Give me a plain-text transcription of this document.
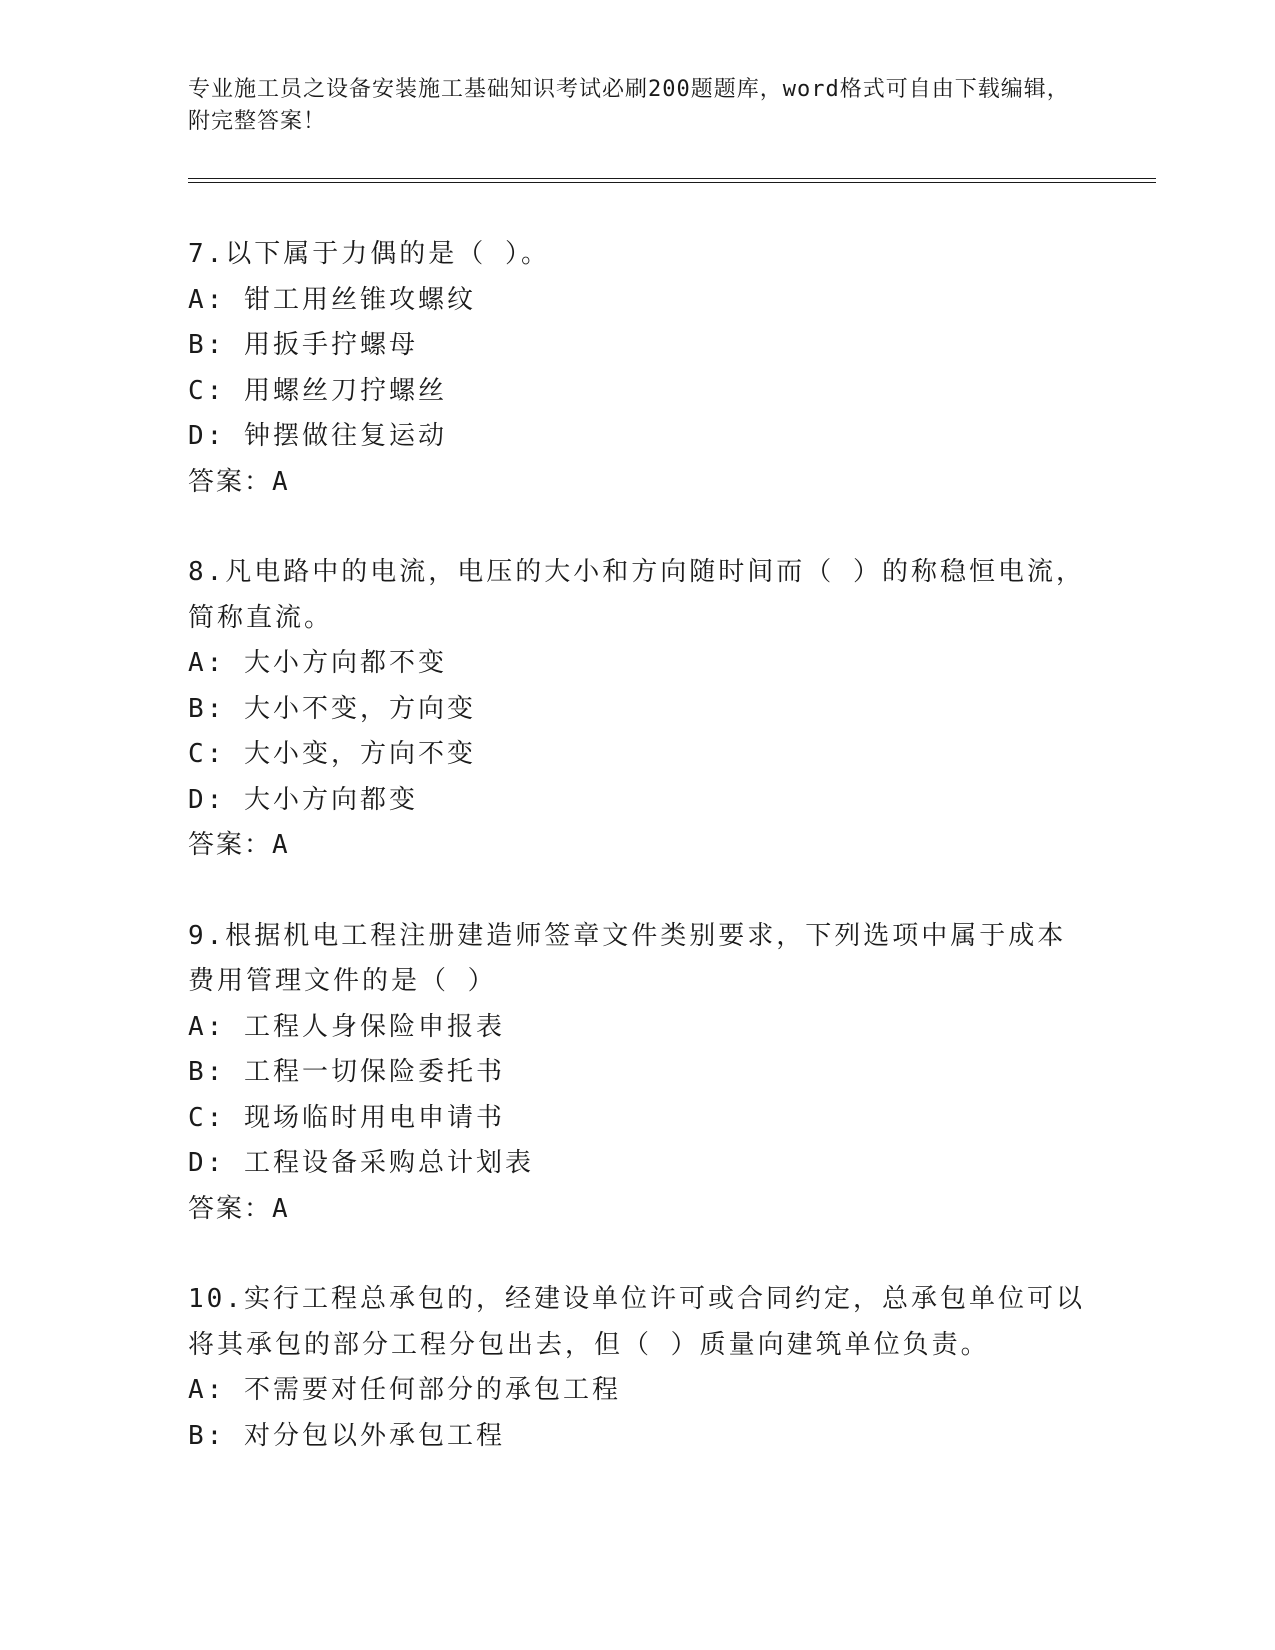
专业施工员之设备安装施工基础知识考试必刷200题题库，word格式可自由下载编辑，附完整答案！
7.以下属于力偶的是（ ）。
A: 钳工用丝锥攻螺纹
B: 用扳手拧螺母
C: 用螺丝刀拧螺丝
D: 钟摆做往复运动
答案：A
8.凡电路中的电流，电压的大小和方向随时间而（ ）的称稳恒电流，简称直流。
A: 大小方向都不变
B: 大小不变，方向变
C: 大小变，方向不变
D: 大小方向都变
答案：A
9.根据机电工程注册建造师签章文件类别要求，下列选项中属于成本费用管理文件的是（ ）
A: 工程人身保险申报表
B: 工程一切保险委托书
C: 现场临时用电申请书
D: 工程设备采购总计划表
答案：A
10.实行工程总承包的，经建设单位许可或合同约定，总承包单位可以将其承包的部分工程分包出去，但（ ）质量向建筑单位负责。
A: 不需要对任何部分的承包工程
B: 对分包以外承包工程
